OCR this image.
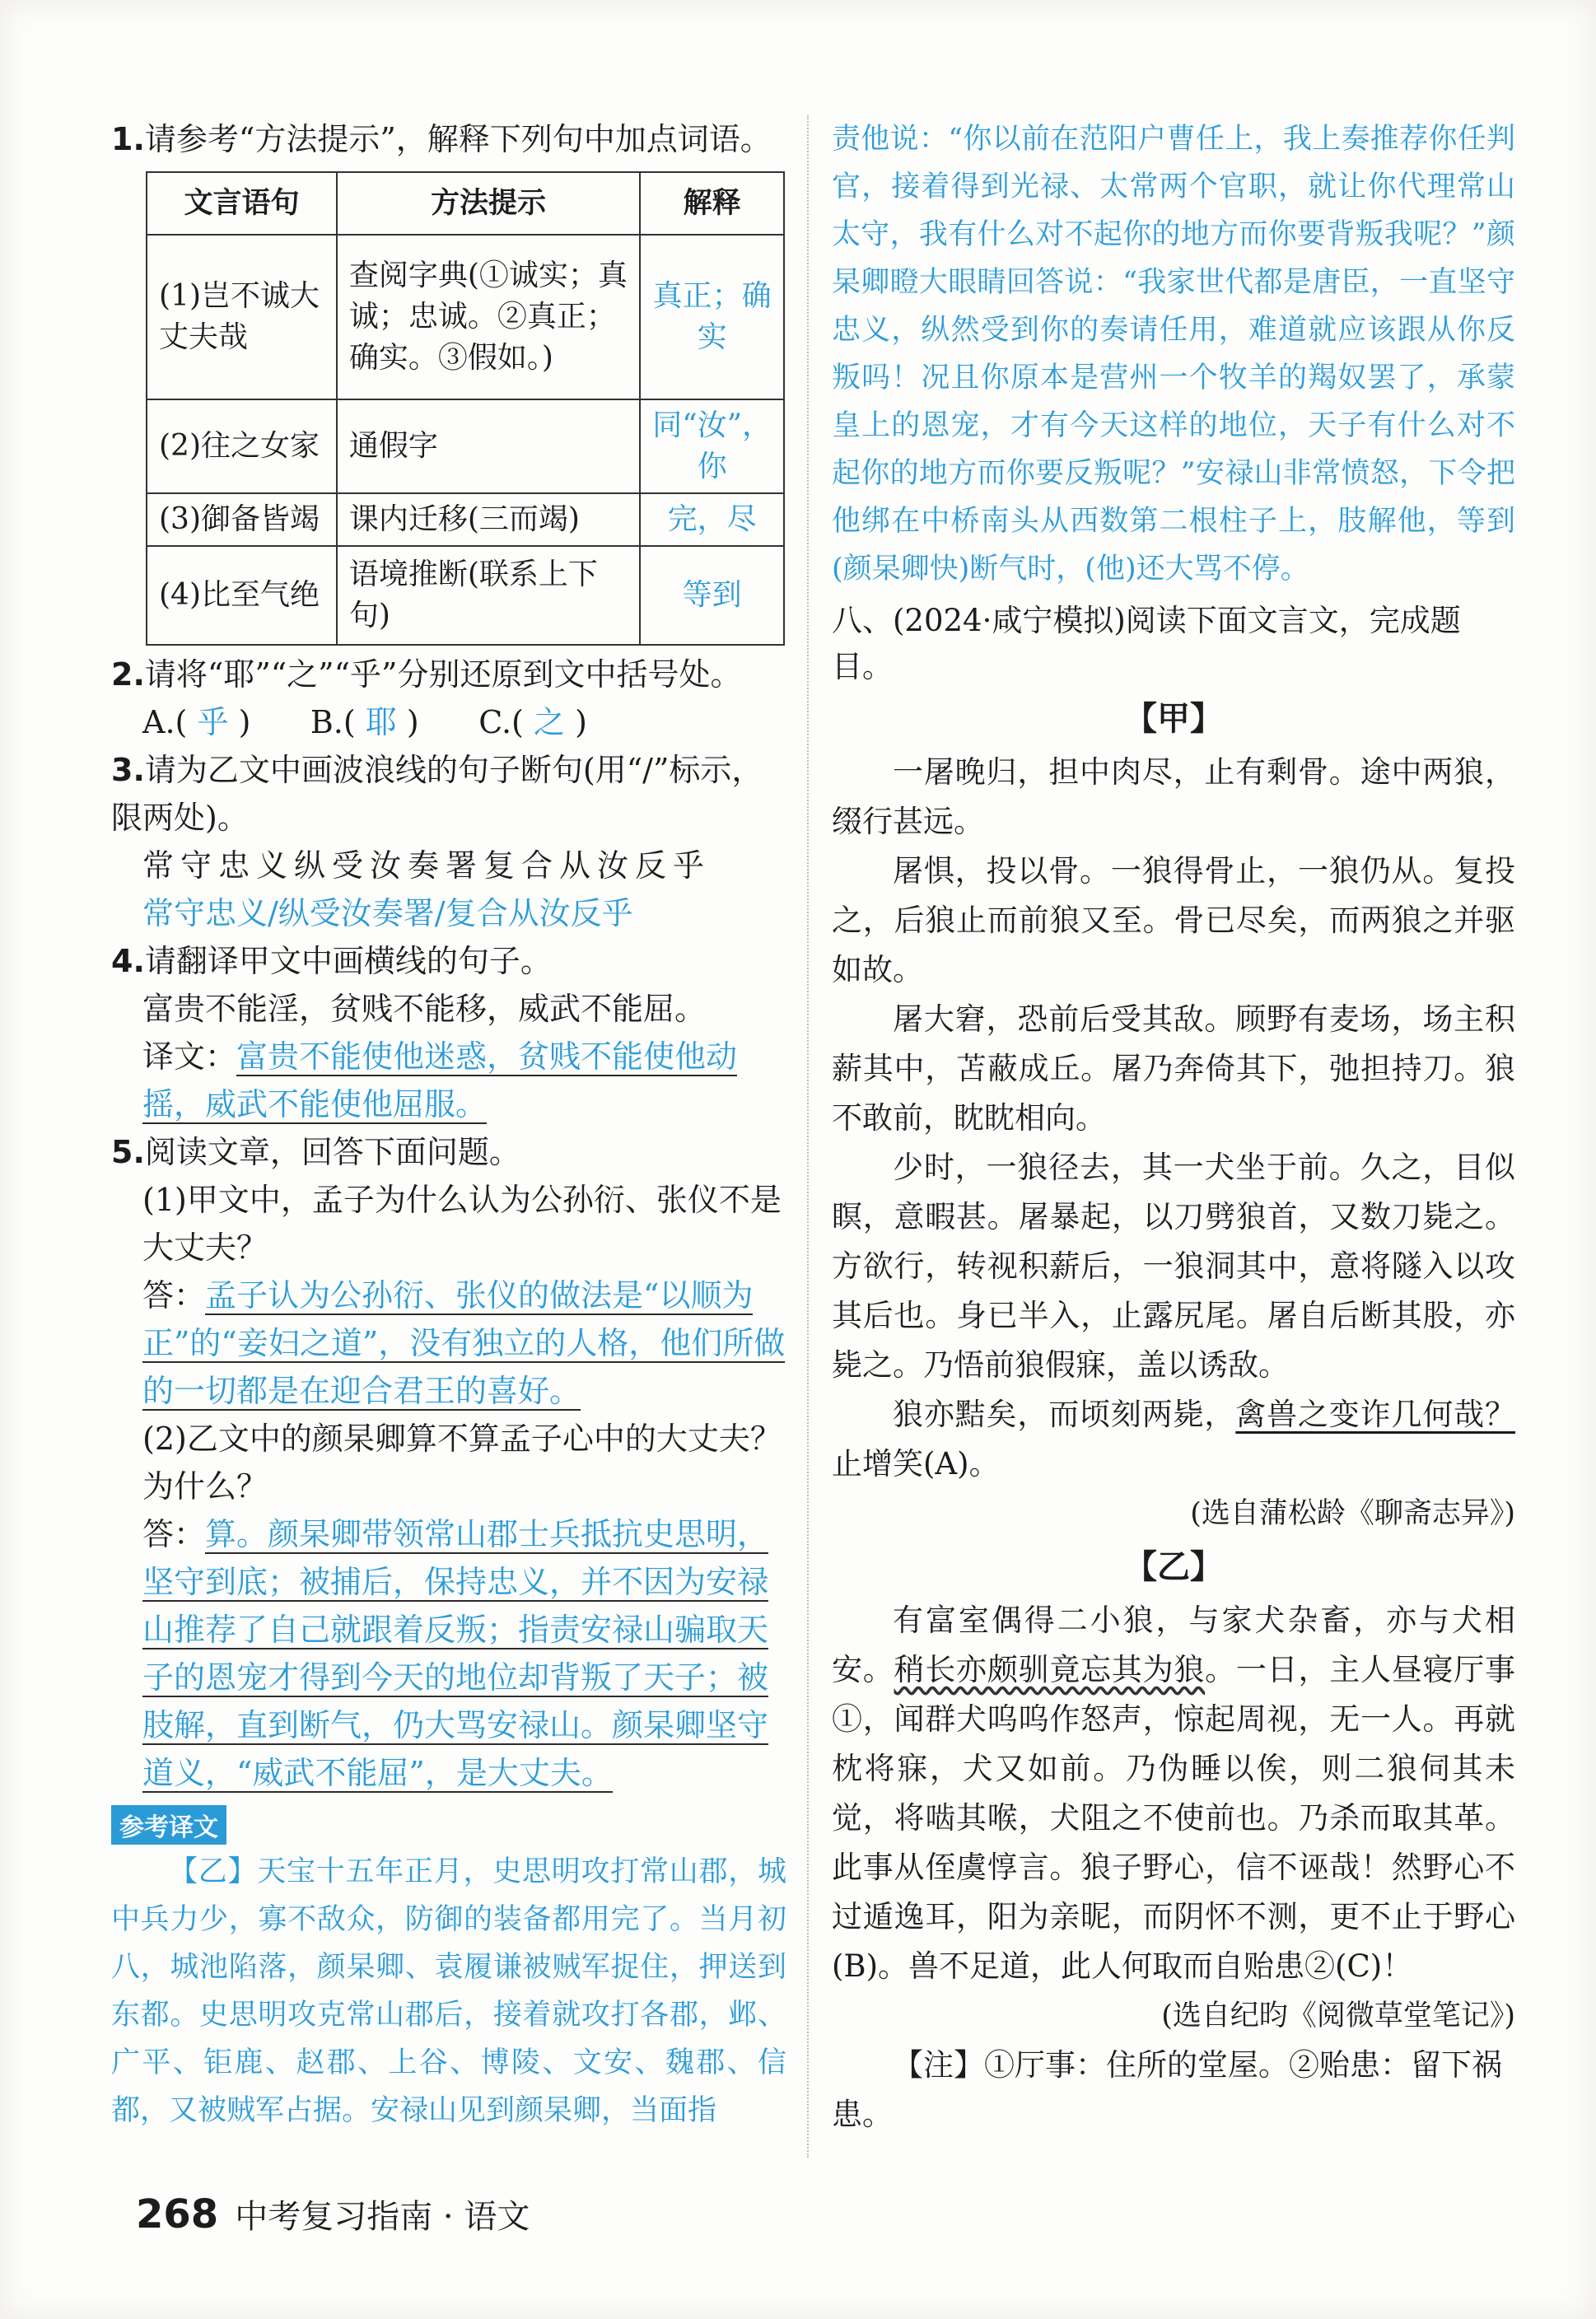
1.请参考“方法提示”，解释下列句中加点词语。
文言语句	方法提示	解释
(1)岂不诚大丈夫哉	查阅字典(①诚实；真诚；忠诚。②真正；确实。③假如。)	真正；确实
(2)往之女家	通假字	同“汝”，你
(3)御备皆竭	课内迁移(三而竭)	完，尽
(4)比至气绝	语境推断(联系上下句)	等到
2.请将“耶”“之”“乎”分别还原到文中括号处。
A.( 乎 ) B.( 耶 ) C.( 之 )
3.请为乙文中画波浪线的句子断句(用“/”标示，限两处)。
常守忠义纵受汝奏署复合从汝反乎
常守忠义/纵受汝奏署/复合从汝反乎
4.请翻译甲文中画横线的句子。
富贵不能淫，贫贱不能移，威武不能屈。
译文：富贵不能使他迷惑，贫贱不能使他动摇，威武不能使他屈服。
5.阅读文章，回答下面问题。
(1)甲文中，孟子为什么认为公孙衍、张仪不是大丈夫？
答：孟子认为公孙衍、张仪的做法是“以顺为正”的“妾妇之道”，没有独立的人格，他们所做的一切都是在迎合君王的喜好。
(2)乙文中的颜杲卿算不算孟子心中的大丈夫？为什么？
答：算。颜杲卿带领常山郡士兵抵抗史思明，坚守到底；被捕后，保持忠义，并不因为安禄山推荐了自己就跟着反叛；指责安禄山骗取天子的恩宠才得到今天的地位却背叛了天子；被肢解，直到断气，仍大骂安禄山。颜杲卿坚守道义，“威武不能屈”，是大丈夫。
参考译文

【乙】天宝十五年正月，史思明攻打常山郡，城中兵力少，寡不敌众，防御的装备都用完了。当月初八，城池陷落，颜杲卿、袁履谦被贼军捉住，押送到东都。史思明攻克常山郡后，接着就攻打各郡，邺、广平、钜鹿、赵郡、上谷、博陵、文安、魏郡、信都，又被贼军占据。安禄山见到颜杲卿，当面指

责他说：“你以前在范阳户曹任上，我上奏推荐你任判官，接着得到光禄、太常两个官职，就让你代理常山太守，我有什么对不起你的地方而你要背叛我呢？”颜杲卿瞪大眼睛回答说：“我家世代都是唐臣，一直坚守忠义，纵然受到你的奏请任用，难道就应该跟从你反叛吗！况且你原本是营州一个牧羊的羯奴罢了，承蒙皇上的恩宠，才有今天这样的地位，天子有什么对不起你的地方而你要反叛呢？”安禄山非常愤怒，下令把他绑在中桥南头从西数第二根柱子上，肢解他，等到(颜杲卿快)断气时，(他)还大骂不停。

八、(2024·咸宁模拟)阅读下面文言文，完成题目。
【甲】

一屠晚归，担中肉尽，止有剩骨。途中两狼，缀行甚远。

屠惧，投以骨。一狼得骨止，一狼仍从。复投之，后狼止而前狼又至。骨已尽矣，而两狼之并驱如故。

屠大窘，恐前后受其敌。顾野有麦场，场主积薪其中，苫蔽成丘。屠乃奔倚其下，弛担持刀。狼不敢前，眈眈相向。

少时，一狼径去，其一犬坐于前。久之，目似瞑，意暇甚。屠暴起，以刀劈狼首，又数刀毙之。方欲行，转视积薪后，一狼洞其中，意将隧入以攻其后也。身已半入，止露尻尾。屠自后断其股，亦毙之。乃悟前狼假寐，盖以诱敌。

狼亦黠矣，而顷刻两毙，禽兽之变诈几何哉？止增笑(A)。

(选自蒲松龄《聊斋志异》)
【乙】

有富室偶得二小狼，与家犬杂畜，亦与犬相安。稍长亦颇驯竟忘其为狼。一日，主人昼寝厅事①，闻群犬呜呜作怒声，惊起周视，无一人。再就枕将寐，犬又如前。乃伪睡以俟，则二狼伺其未觉，将啮其喉，犬阻之不使前也。乃杀而取其革。此事从侄虞惇言。狼子野心，信不诬哉！然野心不过遁逸耳，阳为亲昵，而阴怀不测，更不止于野心(B)。兽不足道，此人何取而自贻患②(C)！

(选自纪昀《阅微草堂笔记》)

【注】①厅事：住所的堂屋。②贻患：留下祸患。

268 中考复习指南 · 语文
